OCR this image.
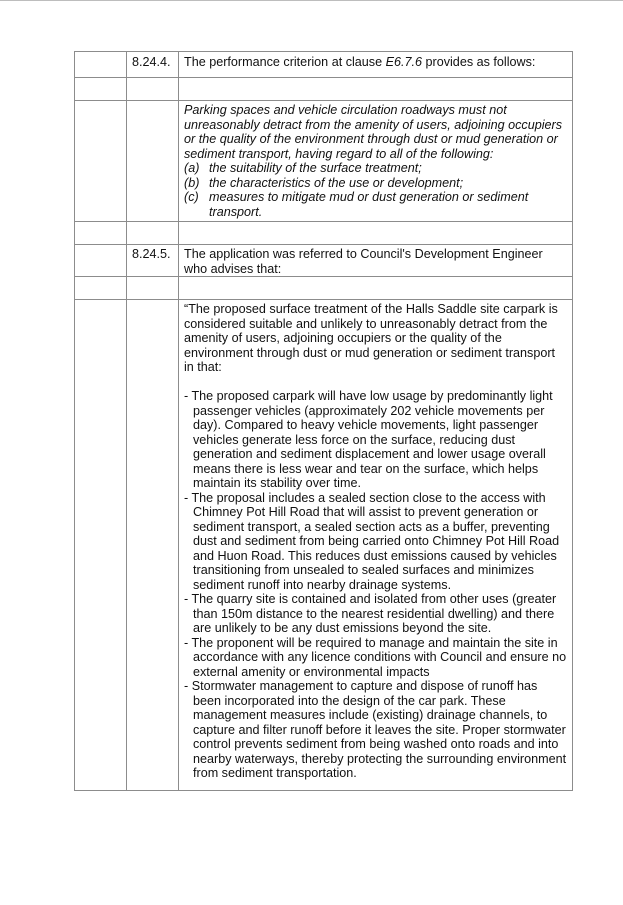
	8.24.4.	The performance criterion at clause E6.7.6 provides as follows:

Parking spaces and vehicle circulation roadways must not unreasonably detract from the amenity of users, adjoining occupiers or the quality of the environment through dust or mud generation or sediment transport, having regard to all of the following:
(a) the suitability of the surface treatment;
(b) the characteristics of the use or development;
(c) measures to mitigate mud or dust generation or sediment transport.

	8.24.5.	The application was referred to Council's Development Engineer who advises that:

“The proposed surface treatment of the Halls Saddle site carpark is considered suitable and unlikely to unreasonably detract from the amenity of users, adjoining occupiers or the quality of the environment through dust or mud generation or sediment transport in that:
- The proposed carpark will have low usage by predominantly light passenger vehicles (approximately 202 vehicle movements per day). Compared to heavy vehicle movements, light passenger vehicles generate less force on the surface, reducing dust generation and sediment displacement and lower usage overall means there is less wear and tear on the surface, which helps maintain its stability over time.
- The proposal includes a sealed section close to the access with Chimney Pot Hill Road that will assist to prevent generation or sediment transport, a sealed section acts as a buffer, preventing dust and sediment from being carried onto Chimney Pot Hill Road and Huon Road. This reduces dust emissions caused by vehicles transitioning from unsealed to sealed surfaces and minimizes sediment runoff into nearby drainage systems.
- The quarry site is contained and isolated from other uses (greater than 150m distance to the nearest residential dwelling) and there are unlikely to be any dust emissions beyond the site.
- The proponent will be required to manage and maintain the site in accordance with any licence conditions with Council and ensure no external amenity or environmental impacts
- Stormwater management to capture and dispose of runoff has been incorporated into the design of the car park. These management measures include (existing) drainage channels, to capture and filter runoff before it leaves the site. Proper stormwater control prevents sediment from being washed onto roads and into nearby waterways, thereby protecting the surrounding environment from sediment transportation.
